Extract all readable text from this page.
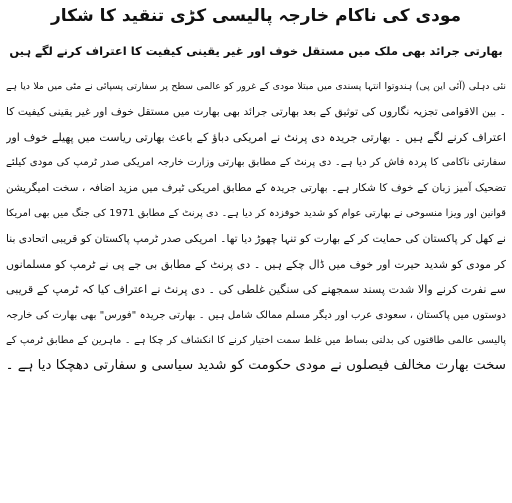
مودی کی ناکام خارجہ پالیسی کڑی تنقید کا شکار
بھارتی جرائد بھی ملک میں مستقل خوف اور غیر یقینی کیفیت کا اعتراف کرنے لگے ہیں

نئی دہلی (آئی این پی) ہندوتوا انتہا پسندی میں مبتلا مودی کے غرور کو عالمی سطح پر سفارتی پسپائی نے مٹی میں ملا دیا ہے

۔ بین الاقوامی تجزیہ نگاروں کی توثیق کے بعد بھارتی جرائد بھی بھارت میں مستقل خوف اور غیر یقینی کیفیت کا

اعتراف کرنے لگے ہیں ۔ بھارتی جریدہ دی پرنٹ نے امریکی دباؤ کے باعث بھارتی ریاست میں پھیلے خوف اور

سفارتی ناکامی کا پردہ فاش کر دیا ہے۔ دی پرنٹ کے مطابق بھارتی وزارت خارجہ امریکی صدر ٹرمپ کی مودی کیلئے

تضحیک آمیز زبان کے خوف کا شکار ہے۔ بھارتی جریدہ کے مطابق امریکی ٹیرف میں مزید اضافہ ، سخت امیگریشن

قوانین اور ویزا منسوخی نے بھارتی عوام کو شدید خوفزدہ کر دیا ہے۔ دی پرنٹ کے مطابق 1971 کی جنگ میں بھی امریکا

نے کھل کر پاکستان کی حمایت کر کے بھارت کو تنہا چھوڑ دیا تھا۔ امریکی صدر ٹرمپ پاکستان کو قریبی اتحادی بنا

کر مودی کو شدید حیرت اور خوف میں ڈال چکے ہیں ۔ دی پرنٹ کے مطابق بی جے پی نے ٹرمپ کو مسلمانوں

سے نفرت کرنے والا شدت پسند سمجھنے کی سنگین غلطی کی ۔ دی پرنٹ نے اعتراف کیا کہ ٹرمپ کے قریبی

دوستوں میں پاکستان ، سعودی عرب اور دیگر مسلم ممالک شامل ہیں ۔ بھارتی جریدہ "فورس" بھی بھارت کی خارجہ

پالیسی عالمی طاقتوں کی بدلتی بساط میں غلط سمت اختیار کرنے کا انکشاف کر چکا ہے ۔ ماہرین کے مطابق ٹرمپ کے

سخت بھارت مخالف فیصلوں نے مودی حکومت کو شدید سیاسی و سفارتی دھچکا دیا ہے ۔
